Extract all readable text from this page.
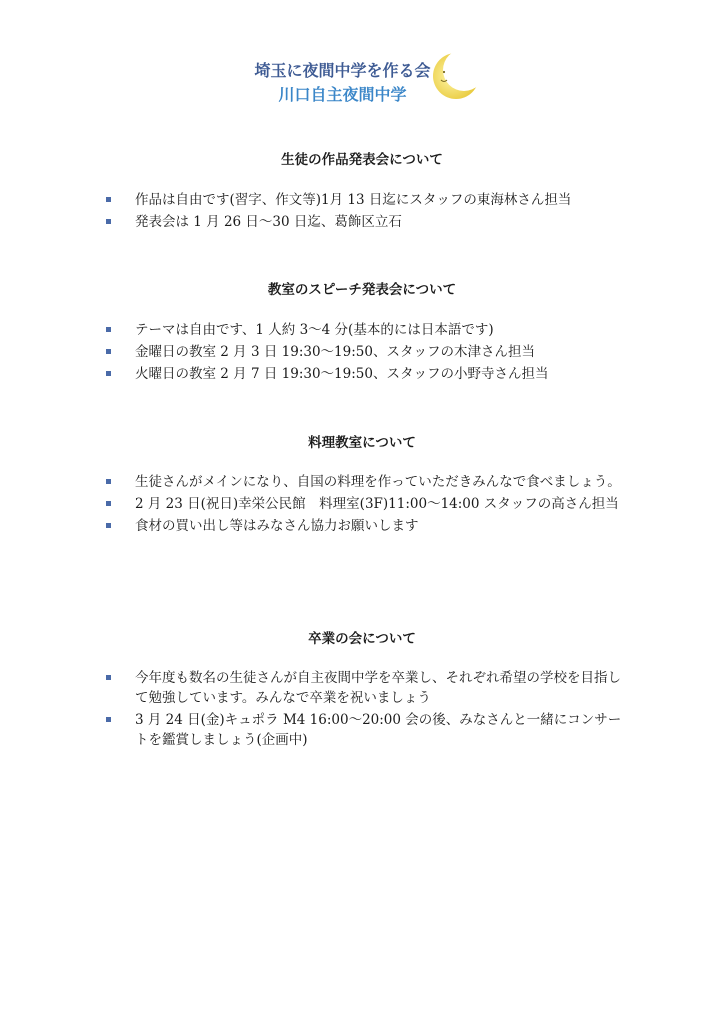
埼玉に夜間中学を作る会
川口自主夜間中学
生徒の作品発表会について
作品は自由です(習字、作文等)1月 13 日迄にスタッフの東海林さん担当
発表会は 1 月 26 日～30 日迄、葛飾区立石
教室のスピーチ発表会について
テーマは自由です、1 人約 3～4 分(基本的には日本語です)
金曜日の教室 2 月 3 日 19:30～19:50、スタッフの木津さん担当
火曜日の教室 2 月 7 日 19:30～19:50、スタッフの小野寺さん担当
料理教室について
生徒さんがメインになり、自国の料理を作っていただきみんなで食べましょう。
2 月 23 日(祝日)幸栄公民館　料理室(3F)11:00～14:00 スタッフの高さん担当
食材の買い出し等はみなさん協力お願いします
卒業の会について
今年度も数名の生徒さんが自主夜間中学を卒業し、それぞれ希望の学校を目指して勉強しています。みんなで卒業を祝いましょう
3 月 24 日(金)キュポラ M4 16:00～20:00 会の後、みなさんと一緒にコンサートを鑑賞しましょう(企画中)
